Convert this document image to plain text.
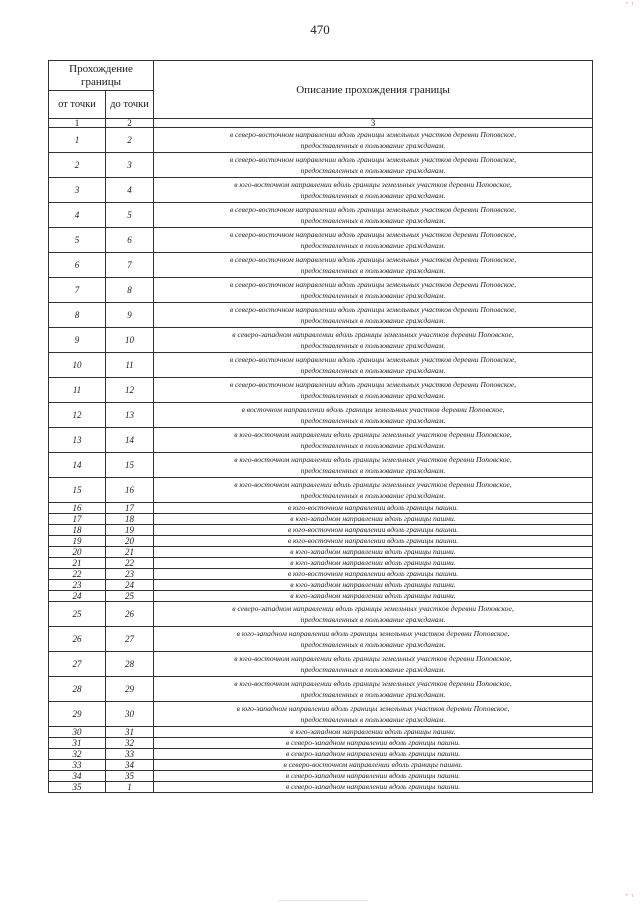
• ɪ
470
Прохождение границы		Описание прохождения границы
от точки	до точки	
1	2	3
1	2	в северо-восточном направлении вдоль границы земельных участков деревни Поповское,
предоставленных в пользование гражданам.
2	3	в северо-восточном направлении вдоль границы земельных участков деревни Поповское,
предоставленных в пользование гражданам.
3	4	в юго-восточном направлении вдоль границы земельных участков деревни Поповское,
предоставленных в пользование гражданам.
4	5	в северо-восточном направлении вдоль границы земельных участков деревни Поповское,
предоставленных в пользование гражданам.
5	6	в северо-восточном направлении вдоль границы земельных участков деревни Поповское,
предоставленных в пользование гражданам.
6	7	в северо-восточном направлении вдоль границы земельных участков деревни Поповское,
предоставленных в пользование гражданам.
7	8	в северо-восточном направлении вдоль границы земельных участков деревни Поповское,
предоставленных в пользование гражданам.
8	9	в северо-восточном направлении вдоль границы земельных участков деревни Поповское,
предоставленных в пользование гражданам.
9	10	в северо-западном направлении вдоль границы земельных участков деревни Поповское,
предоставленных в пользование гражданам.
10	11	в северо-восточном направлении вдоль границы земельных участков деревни Поповское,
предоставленных в пользование гражданам.
11	12	в северо-восточном направлении вдоль границы земельных участков деревни Поповское,
предоставленных в пользование гражданам.
12	13	в восточном направлении вдоль границы земельных участков деревни Поповское,
предоставленных в пользование гражданам.
13	14	в юго-восточном направлении вдоль границы земельных участков деревни Поповское,
предоставленных в пользование гражданам.
14	15	в юго-восточном направлении вдоль границы земельных участков деревни Поповское,
предоставленных в пользование гражданам.
15	16	в юго-восточном направлении вдоль границы земельных участков деревни Поповское,
предоставленных в пользование гражданам.
16	17	в юго-восточном направлении вдоль границы пашни.
17	18	в юго-западном направлении вдоль границы пашни.
18	19	в юго-восточном направлении вдоль границы пашни.
19	20	в юго-восточном направлении вдоль границы пашни.
20	21	в юго-западном направлении вдоль границы пашни.
21	22	в юго-западном направлении вдоль границы пашни.
22	23	в юго-восточном направлении вдоль границы пашни.
23	24	в юго-западном направлении вдоль границы пашни.
24	25	в юго-западном направлении вдоль границы пашни.
25	26	в северо-западном направлении вдоль границы земельных участков деревни Поповское,
предоставленных в пользование гражданам.
26	27	в юго-западном направлении вдоль границы земельных участков деревни Поповское,
предоставленных в пользование гражданам.
27	28	в юго-восточном направлении вдоль границы земельных участков деревни Поповское,
предоставленных в пользование гражданам.
28	29	в юго-восточном направлении вдоль границы земельных участков деревни Поповское,
предоставленных в пользование гражданам.
29	30	в юго-западном направлении вдоль границы земельных участков деревни Поповское,
предоставленных в пользование гражданам.
30	31	в юго-западном направлении вдоль границы пашни.
31	32	в северо-западном направлении вдоль границы пашни.
32	33	в северо-западном направлении вдоль границы пашни.
33	34	в северо-восточном направлении вдоль границы пашни.
34	35	в северо-западном направлении вдоль границы пашни.
35	1	в северо-западном направлении вдоль границы пашни.
• ɪ
